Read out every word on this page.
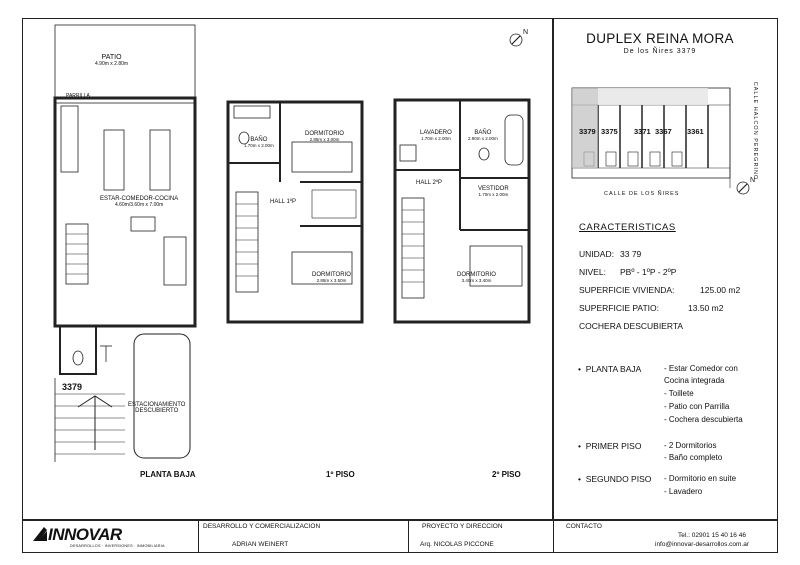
PATIO
4.90m x 2.80m
PARRILLA
ESTAR-COMEDOR-COCINA
4.60m/3.60m x 7.00m
3379
ESTACIONAMIENTO
DESCUBIERTO
PLANTA BAJA
BAÑO
1.70m x 2.00m
DORMITORIO
2.85m x 3.00m
HALL 1ºP
DORMITORIO
2.85m x 3.50m
1º PISO
LAVADERO
1.70m x 2.00m
BAÑO
2.90m x 2.00m
HALL 2ºP
VESTIDOR
1.70m x 2.00m
DORMITORIO
3.40m x 3.40m
2º PISO
N
N
DUPLEX REINA MORA
De los Ñires 3379
3379 3375 3371 3367 3361
CALLE DE LOS ÑIRES
CALLE HALCON PEREGRINO
CARACTERISTICAS
UNIDAD: 33 79
NIVEL: PBº - 1ºP - 2ºP
SUPERFICIE VIVIENDA:	125.00 m2
SUPERFICIE PATIO:	13.50 m2
COCHERA DESCUBIERTA
•  PLANTA BAJA	- Estar Comedor con
Cocina integrada
- Toillete
- Patio con Parrilla
- Cochera descubierta
•  PRIMER PISO	- 2 Dormitorios
- Baño completo
•  SEGUNDO PISO - Dormitorio en suite
- Lavadero
INNOVAR
DESARROLLOS · INVERSIONES · INMOBILIARIA
DESARROLLO Y COMERCIALIZACION
ADRIAN WEINERT
PROYECTO Y DIRECCION
Arq. NICOLAS PICCONE
CONTACTO
Tel.: 02901 15 40 16 46
info@innovar-desarrollos.com.ar
